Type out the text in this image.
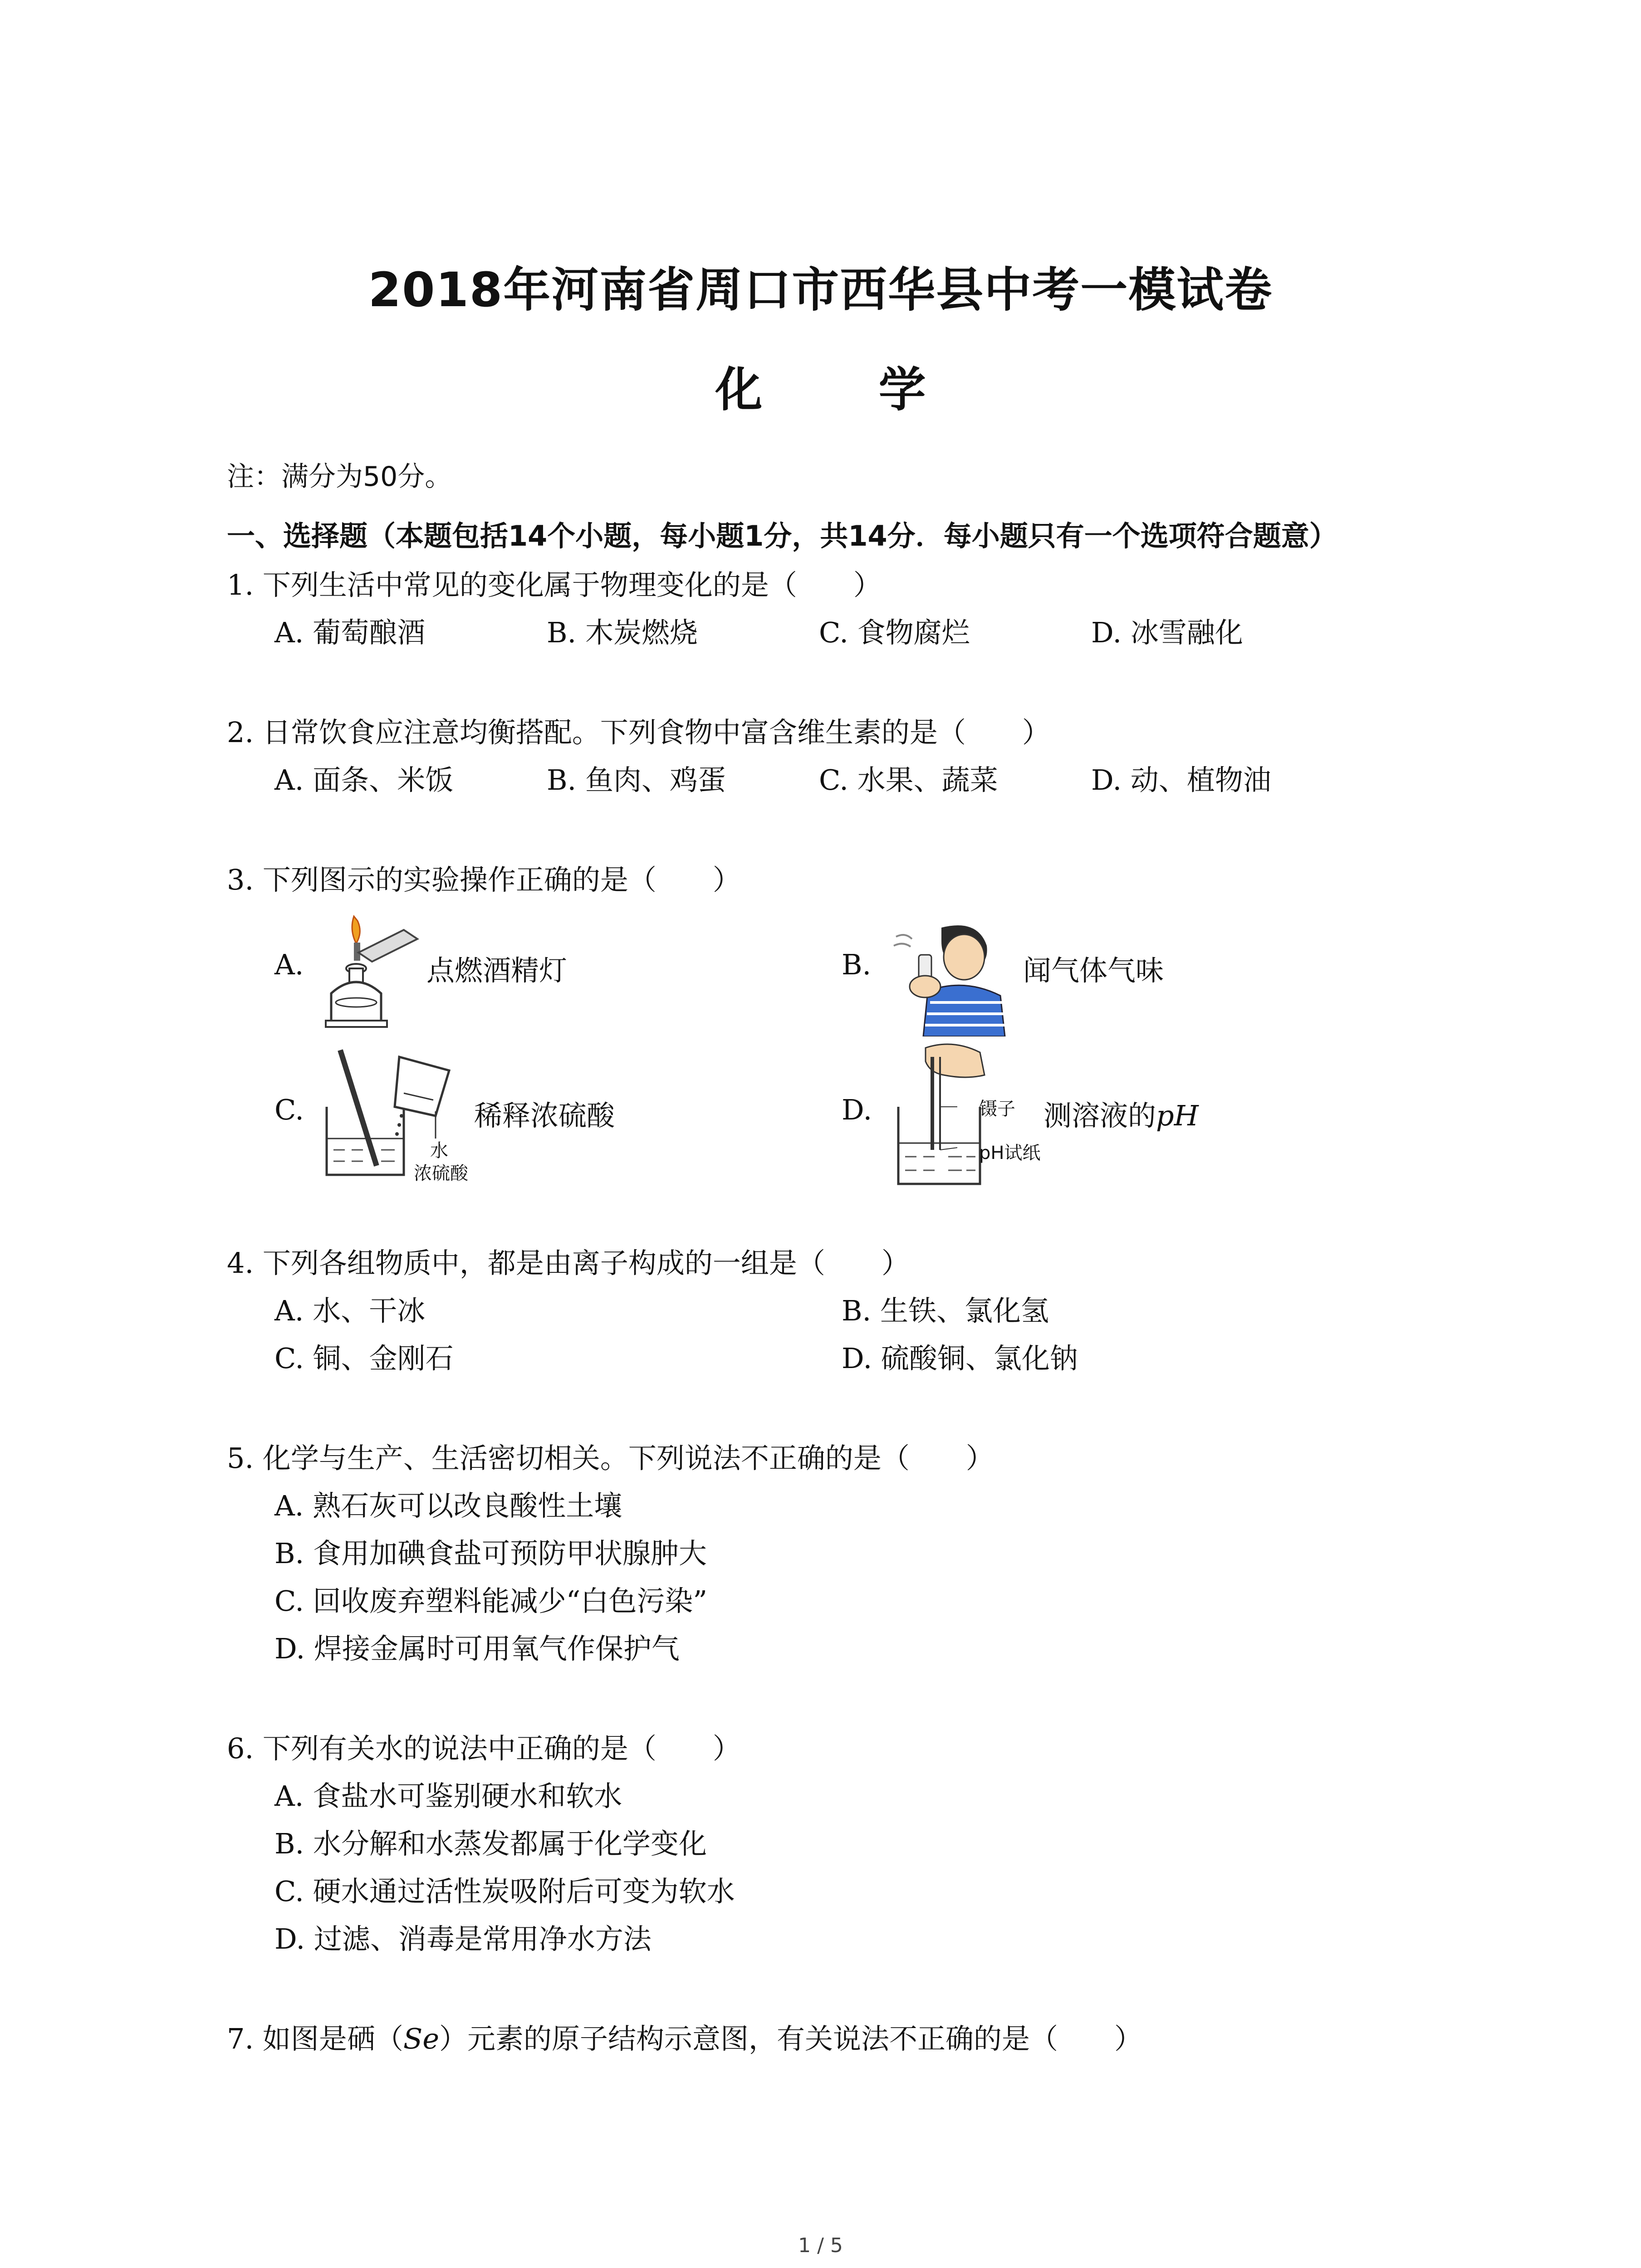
2018年河南省周口市西华县中考一模试卷
化 学
注：满分为50分。
一、选择题（本题包括14个小题，每小题1分，共14分．每小题只有一个选项符合题意）
1. 下列生活中常见的变化属于物理变化的是（　　）
A. 葡萄酿酒	B. 木炭燃烧	C. 食物腐烂	D. 冰雪融化
2. 日常饮食应注意均衡搭配。下列食物中富含维生素的是（　　）
A. 面条、米饭	B. 鱼肉、鸡蛋	C. 水果、蔬菜	D. 动、植物油
3. 下列图示的实验操作正确的是（　　）
A.	点燃酒精灯	B.	闻气体气味
C.
水
浓硫酸
稀释浓硫酸	D.	镊子
pH试纸
测溶液的pH
4. 下列各组物质中，都是由离子构成的一组是（　　）
A. 水、干冰	B. 生铁、氯化氢
C. 铜、金刚石	D. 硫酸铜、氯化钠
5. 化学与生产、生活密切相关。下列说法不正确的是（　　）
A. 熟石灰可以改良酸性土壤
B. 食用加碘食盐可预防甲状腺肿大
C. 回收废弃塑料能减少“白色污染”
D. 焊接金属时可用氧气作保护气
6. 下列有关水的说法中正确的是（　　）
A. 食盐水可鉴别硬水和软水
B. 水分解和水蒸发都属于化学变化
C. 硬水通过活性炭吸附后可变为软水
D. 过滤、消毒是常用净水方法
7. 如图是硒（Se）元素的原子结构示意图，有关说法不正确的是（　　）
1 / 5
